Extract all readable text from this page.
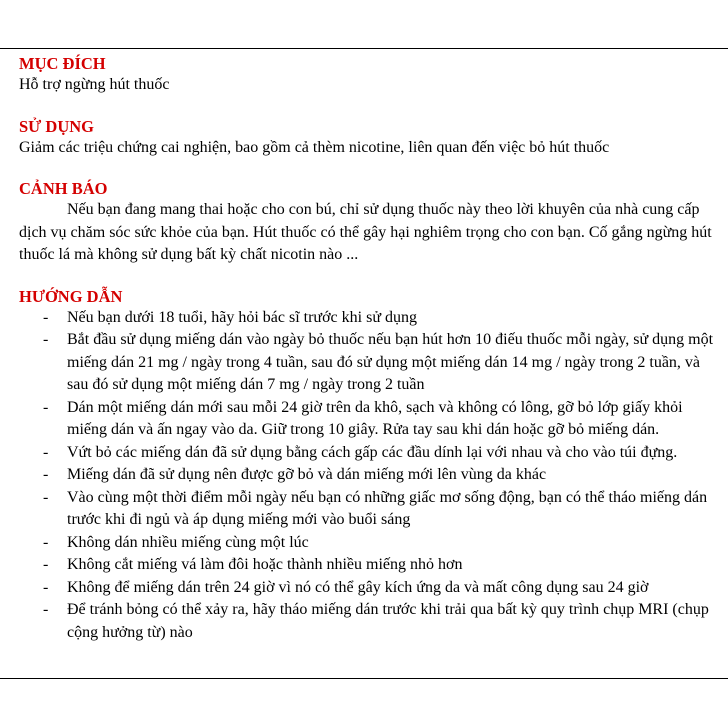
MỤC ĐÍCH

Hỗ trợ ngừng hút thuốc

SỬ DỤNG

Giảm các triệu chứng cai nghiện, bao gồm cả thèm nicotine, liên quan đến việc bỏ hút thuốc

CẢNH BÁO

Nếu bạn đang mang thai hoặc cho con bú, chỉ sử dụng thuốc này theo lời khuyên của nhà cung cấp dịch vụ chăm sóc sức khỏe của bạn. Hút thuốc có thể gây hại nghiêm trọng cho con bạn. Cố gắng ngừng hút thuốc lá mà không sử dụng bất kỳ chất nicotin nào ...

HƯỚNG DẪN
- Nếu bạn dưới 18 tuổi, hãy hỏi bác sĩ trước khi sử dụng
- Bắt đầu sử dụng miếng dán vào ngày bỏ thuốc nếu bạn hút hơn 10 điếu thuốc mỗi ngày, sử dụng một miếng dán 21 mg / ngày trong 4 tuần, sau đó sử dụng một miếng dán 14 mg / ngày trong 2 tuần, và sau đó sử dụng một miếng dán 7 mg / ngày trong 2 tuần
- Dán một miếng dán mới sau mỗi 24 giờ trên da khô, sạch và không có lông, gỡ bỏ lớp giấy khỏi miếng dán và ấn ngay vào da. Giữ trong 10 giây. Rửa tay sau khi dán hoặc gỡ bỏ miếng dán.
- Vứt bỏ các miếng dán đã sử dụng bằng cách gấp các đầu dính lại với nhau và cho vào túi đựng.
- Miếng dán đã sử dụng nên được gỡ bỏ và dán miếng mới lên vùng da khác
- Vào cùng một thời điểm mỗi ngày nếu bạn có những giấc mơ sống động, bạn có thể tháo miếng dán trước khi đi ngủ và áp dụng miếng mới vào buổi sáng
- Không dán nhiều miếng cùng một lúc
- Không cắt miếng vá làm đôi hoặc thành nhiều miếng nhỏ hơn
- Không để miếng dán trên 24 giờ vì nó có thể gây kích ứng da và mất công dụng sau 24 giờ
- Để tránh bỏng có thể xảy ra, hãy tháo miếng dán trước khi trải qua bất kỳ quy trình chụp MRI (chụp cộng hưởng từ) nào
